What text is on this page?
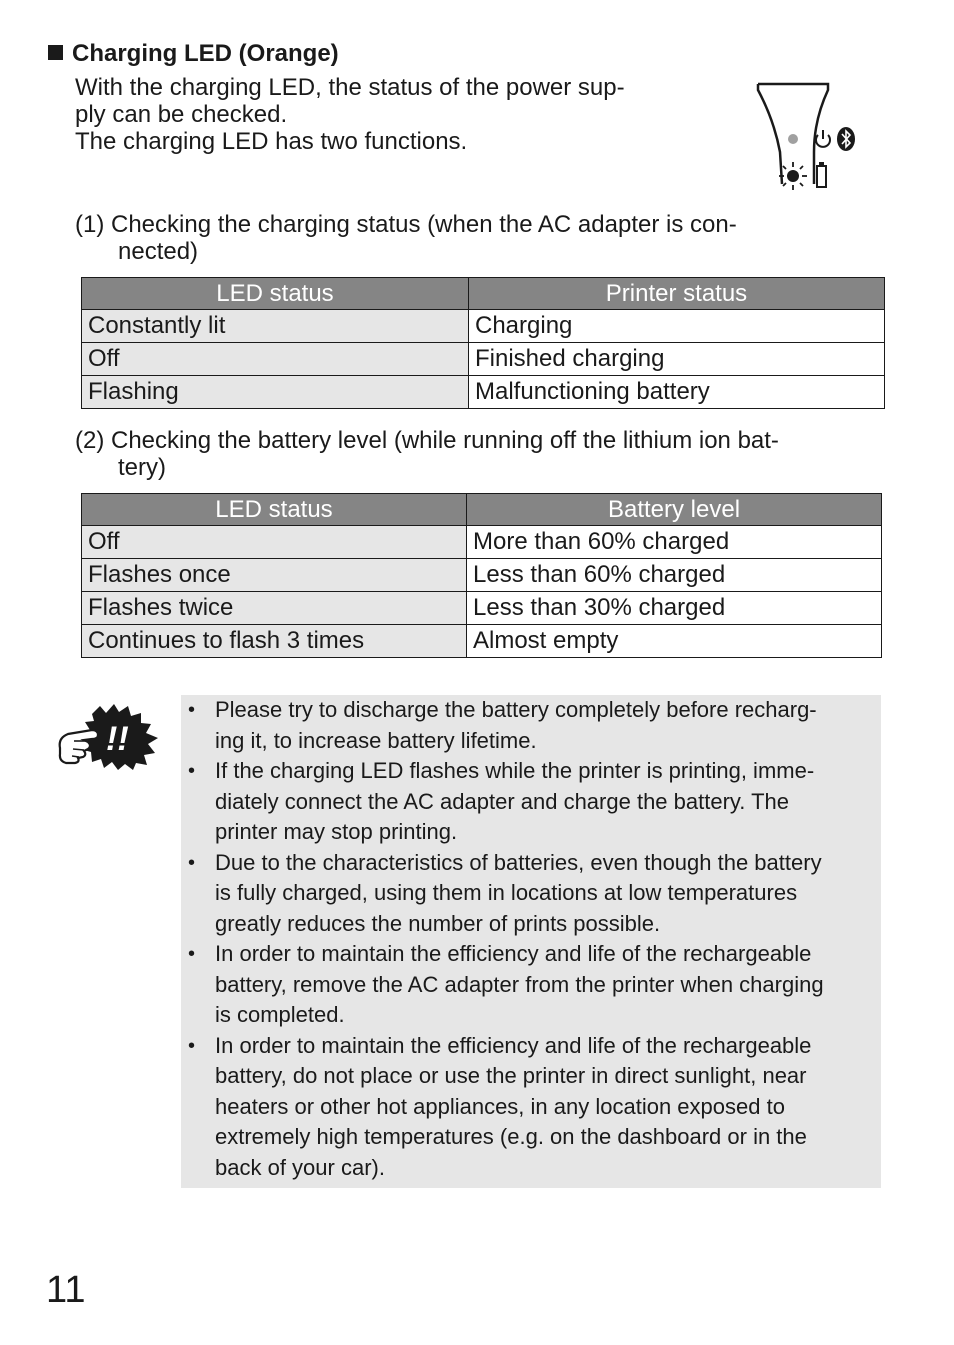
Charging LED (Orange)

With the charging LED, the status of the power sup-

ply can be checked.

The charging LED has two functions.

(1) Checking the charging status (when the AC adapter is con-
nected)
LED status	Printer status
Constantly lit	Charging
Off	Finished charging
Flashing	Malfunctioning battery
(2) Checking the battery level (while running off the lithium ion bat-
tery)
LED status	Battery level
Off	More than 60% charged
Flashes once	Less than 60% charged
Flashes twice	Less than 30% charged
Continues to flash 3 times	Almost empty
!!
• Please try to discharge the battery completely before recharg-
ing it, to increase battery lifetime.
• If the charging LED flashes while the printer is printing, imme-
diately connect the AC adapter and charge the battery. The
printer may stop printing.
• Due to the characteristics of batteries, even though the battery
is fully charged, using them in locations at low temperatures
greatly reduces the number of prints possible.
• In order to maintain the efficiency and life of the rechargeable
battery, remove the AC adapter from the printer when charging
is completed.
• In order to maintain the efficiency and life of the rechargeable
battery, do not place or use the printer in direct sunlight, near
heaters or other hot appliances, in any location exposed to
extremely high temperatures (e.g. on the dashboard or in the
back of your car).
11
